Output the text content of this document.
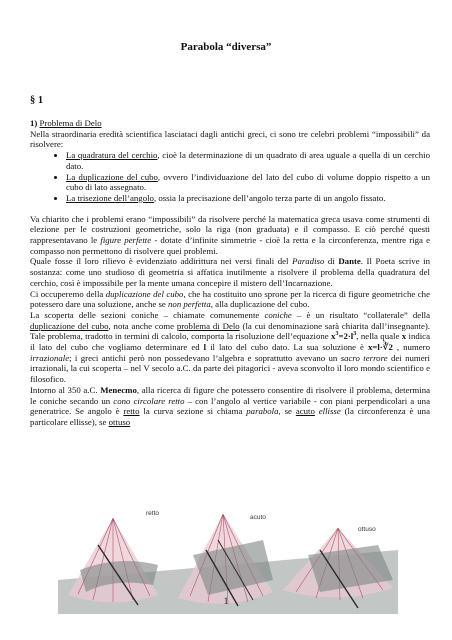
Parabola “diversa”
§ 1

1) Problema di Delo

Nella straordinaria eredità scientifica lasciataci dagli antichi greci, ci sono tre celebri problemi “impossibili” da risolvere:

• La quadratura del cerchio, cioè la determinazione di un quadrato di area uguale a quella di un cerchio dato.
• La duplicazione del cubo, ovvero l’individuazione del lato del cubo di volume doppio rispetto a un cubo di lato assegnato.
• La trisezione dell’angolo, ossia la precisazione dell’angolo terza parte di un angolo fissato.

Va chiarito che i problemi erano “impossibili” da risolvere perché la matematica greca usava come strumenti di elezione per le costruzioni geometriche, solo la riga (non graduata) e il compasso. E ciò perché questi rappresentavano le figure perfette - dotate d’infinite simmetrie - cioè la retta e la circonferenza, mentre riga e compasso non permettono di risolvere quei problemi.

Quale fosse il loro rilievo è evidenziato addirittura nei versi finali del Paradiso di Dante. Il Poeta scrive in sostanza: come uno studioso di geometria si affatica inutilmente a risolvere il problema della quadratura del cerchio, così è impossibile per la mente umana concepire il mistero dell’Incarnazione.

Ci occuperemo della duplicazione del cubo, che ha costituito uno sprone per la ricerca di figure geometriche che potessero dare una soluzione, anche se non perfetta, alla duplicazione del cubo.

La scoperta delle sezioni coniche – chiamate comunemente coniche – è un risultato “collaterale” della duplicazione del cubo, nota anche come problema di Delo (la cui denominazione sarà chiarita dall’insegnante). Tale problema, tradotto in termini di calcolo, comporta la risoluzione dell’equazione $x^3=2\cdot l^3$, nella quale x indica il lato del cubo che vogliamo determinare ed l il lato del cubo dato. La sua soluzione è x=l·∛2 , numero irrazionale; i greci antichi però non possedevano l’algebra e soprattutto avevano un sacro terrore dei numeri irrazionali, la cui scoperta – nel V secolo a.C. da parte dei pitagorici - aveva sconvolto il loro mondo scientifico e filosofico.

Intorno al 350 a.C. Menecmo, alla ricerca di figure che potessero consentire di risolvere il problema, determina le coniche secando un cono circolare retto – con l’angolo al vertice variabile - con piani perpendicolari a una generatrice. Se angolo è retto la curva sezione si chiama parabola, se acuto ellisse (la circonferenza è una particolare ellisse), se ottuso

retto
acuto
ottuso
1
